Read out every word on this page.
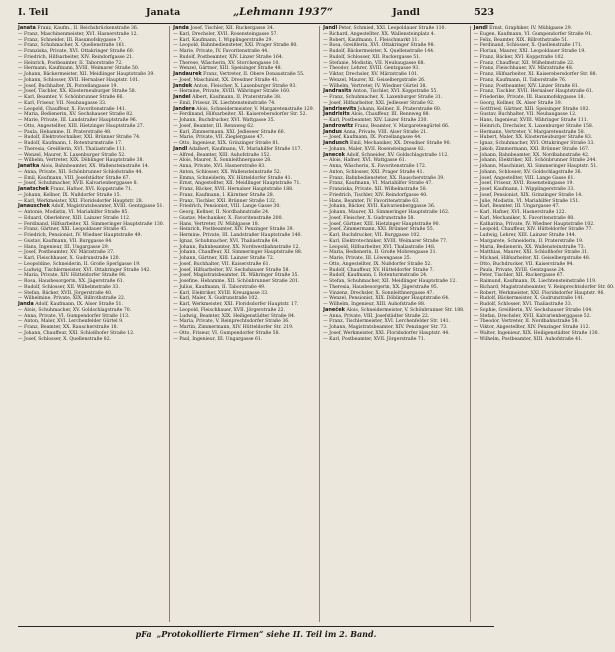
I. Teil	Janata	„Lehmann 1937“	Jandl	523

Janata Franz, Kaufm., II. Reichsbrückenstraße 36.

— Franz, Maschinenmeister, XVI. Hasnerstraße 12.

— Franz, Schneider, III. Rasumofskygasse 7.

— Franz, Schuhmacher, X. Quellenstraße 161.

— Franziska, Private, XVI. Ottakringer Straße 60.

— Friedrich, Hilfsarbeiter, XIV. Reindorfgasse 21.

— Heinrich, Postbeamter, II. Taborstraße 72.

— Hermann, Kaufmann, XVIII. Weimarer Straße 50.

— Johann, Bäckermeister, XII. Meidlinger Hauptstraße 39.

— Johann, Schlosser, XVII. Hernalser Hauptstr. 101.

— Josef, Buchhalter, IX. Porzellangasse 19.

— Josef, Tischler, XX. Klosterneuburger Straße 58.

— Karl, Beamter, V. Schönbrunner Straße 66.

— Karl, Friseur, VII. Neubaugasse 33.

— Leopold, Chauffeur, X. Favoritenstraße 141.

— Maria, Bedienerin, XV. Sechshauser Straße 82.

— Marie, Private, III. Landstraßer Hauptstraße 96.

— Otto, Angestellter, XIII. Hietzinger Hauptstraße 27.

— Paula, Hebamme, II. Praterstraße 48.

— Rudolf, Elektrotechniker, XXI. Brünner Straße 74.

— Rudolf, Kaufmann, I. Rotenturmstraße 17.

— Theresia, Greißlerin, XVI. Thaliastraße 111.

— Wenzel, Maurer, X. Laxenburger Straße 52.

— Wilhelm, Vertreter, XIX. Döblinger Hauptstraße 38.

Janatka Alois, Bahnbeamter, XX. Wallensteinstraße 14.

— Anna, Private, XII. Schönbrunner Schloßstraße 44.

— Emil, Kaufmann, VIII. Josefstädter Straße 67.

— Josef, Schuhmacher, XVII. Kalvarienberggasse 8.

Janatschek Franz, Hafner, XVI. Koppstraße 71.

— Johann, Kellner, IX. Nußdorfer Straße 15.

— Karl, Werkmeister, XXI. Floridsdorfer Hauptstr. 28.

Janauschek Adolf, Magistratsbeamter, XVIII. Gentzgasse 51.

— Antonie, Modistin, VI. Mariahilfer Straße 85.

— Eduard, Oberlehrer, XIII. Lainzer Straße 112.

— Ferdinand, Hilfsarbeiter, XI. Simmeringer Hauptstraße 130.

— Franz, Gärtner, XXI. Leopoldauer Straße 45.

— Friedrich, Pensionist, IV. Wiedner Hauptstraße 49.

— Gustav, Kaufmann, VII. Burggasse 84.

— Hans, Ingenieur, III. Ungargasse 29.

— Josef, Postbeamter, XV. Märzstraße 37.

— Karl, Fleischhauer, X. Gudrunstraße 120.

— Leopoldine, Schneiderin, II. Große Sperlgasse 19.

— Ludwig, Tischlermeister, XVI. Ottakringer Straße 142.

— Maria, Private, XIV. Hütteldorfer Straße 98.

— Rosa, Hausbesorgerin, XX. Jägerstraße 61.

— Rudolf, Schlosser, XII. Wilhelmstraße 33.

— Stefan, Bäcker, XVII. Jörgerstraße 40.

— Wilhelmine, Private, XIX. Billrothstraße 22.

Janda Adolf, Kaufmann, IX. Alser Straße 51.

— Alois, Schuhmacher, XV. Goldschlagstraße 70.

— Anna, Private, VI. Gumpendorfer Straße 113.

— Anton, Maler, XVI. Lerchenfelder Gürtel 9.

— Franz, Beamter, XX. Rauscherstraße 18.

— Johann, Chauffeur, XXI. Schloßhofer Straße 12.

— Josef, Schlosser, X. Quellenstraße 82.

Janda Josef, Tischler, XII. Ruckergasse 34.

— Karl, Drechsler, XVII. Rosensteingasse 57.

— Karl, Kaufmann, I. Wipplingerstraße 29.

— Leopold, Bahnbediensteter, XXI. Prager Straße 80.

— Marie, Private, IV. Favoritenstraße 44.

— Rudolf, Postbeamter, XIV. Linzer Straße 164.

— Therese, Wäscherin, XV. Storchengasse 10.

— Wenzel, Gärtner, XIII. Speisinger Straße 48.

Jandaurek Franz, Vertreter, II. Obere Donaustraße 55.

— Josef, Maschinist, XX. Dresdner Straße 41.

Jandek Anton, Fleischer, X. Laxenburger Straße 93.

— Hermine, Private, XVIII. Währinger Straße 160.

Jandel Albert, Kaufmann, II. Praterstraße 38.

— Emil, Friseur, IX. Liechtensteinstraße 74.

Jandera Alois, Schneidermeister, V. Margaretenstraße 129.

— Ferdinand, Hilfsarbeiter, XI. Kaiserebersdorfer Str. 52.

— Johann, Buchdrucker, XVI. Wattgasse 35.

— Josef, Beamter, III. Rennweg 62.

— Karl, Zimmermann, XXI. Jedleseer Straße 66.

— Marie, Private, VII. Zieglergasse 47.

— Otto, Ingenieur, XIX. Grinzinger Straße 81.

Jandl Adalbert, Kaufmann, VI. Mariahilfer Straße 117.

— Alfred, Beamter, XIII. Auhofstraße 152.

— Alois, Maurer, X. Sonnleithnergasse 28.

— Anna, Private, XVI. Hasnerstraße 83.

— Anton, Schlosser, XX. Wallensteinstraße 52.

— Emma, Schneiderin, XV. Hütteldorfer Straße 41.

— Ernst, Angestellter, XII. Meidlinger Hauptstraße 71.

— Franz, Bäcker, XVII. Hernalser Hauptstraße 188.

— Franz, Kaufmann, I. Kärntner Straße 28.

— Franz, Tischler, XXI. Brünner Straße 132.

— Friedrich, Pensionist, VIII. Lange Gasse 30.

— Georg, Kellner, II. Nordbahnstraße 24.

— Gustav, Mechaniker, X. Favoritenstraße 200.

— Hans, Vertreter, IV. Mühlgasse 18.

— Heinrich, Postbeamter, XIV. Penzinger Straße 39.

— Hermine, Private, III. Landstraßer Hauptstraße 140.

— Ignaz, Schuhmacher, XVI. Thaliastraße 64.

— Johann, Bahnbeamter, XX. Nordwestbahnstraße 12.

— Johann, Chauffeur, XI. Simmeringer Hauptstraße 88.

— Johann, Gärtner, XIII. Lainzer Straße 72.

— Josef, Buchhalter, VII. Kaiserstraße 61.

— Josef, Hilfsarbeiter, XV. Sechshauser Straße 58.

— Josef, Magistratsbeamter, IX. Währinger Straße 35.

— Josefine, Hebamme, XII. Schönbrunner Straße 201.

— Julius, Kaufmann, II. Taborstraße 49.

— Karl, Elektriker, XVIII. Kreuzgasse 33.

— Karl, Maler, X. Gudrunstraße 102.

— Karl, Werkmeister, XXI. Floridsdorfer Hauptstr. 17.

— Leopold, Fleischhauer, XVII. Jörgerstraße 22.

— Ludwig, Beamter, XIX. Heiligenstädter Straße 84.

— Maria, Private, V. Reinprechtsdorfer Straße 36.

— Martin, Zimmermann, XIV. Hütteldorfer Str. 219.

— Otto, Friseur, VI. Gumpendorfer Straße 58.

— Paul, Ingenieur, III. Ungargasse 61.

Jandl Peter, Schmied, XXI. Leopoldauer Straße 110.

— Richard, Angestellter, XX. Wallensteinplatz 4.

— Robert, Kaufmann, I. Fleischmarkt 11.

— Rosa, Greißlerin, XVI. Ottakringer Straße 98.

— Rudolf, Bäckermeister, X. Quellenstraße 144.

— Rudolf, Schlosser, XII. Ruckergasse 51.

— Stefanie, Modistin, VII. Neubaugasse 68.

— Theodor, Lehrer, XVIII. Gentzgasse 93.

— Viktor, Drechsler, XV. Märzstraße 101.

— Wenzel, Maurer, XI. Geiselbergstraße 26.

— Wilhelm, Vertreter, IV. Wiedner Gürtel 38.

Jandrasits Anton, Tischler, XVI. Koppstraße 55.

— Franz, Schuhmacher, X. Laxenburger Straße 31.

— Josef, Hilfsarbeiter, XXI. Jedleseer Straße 92.

Jandrisevits Johann, Kellner, II. Praterstraße 60.

Jandrisits Alois, Chauffeur, III. Rennweg 88.

— Karl, Postbeamter, XIV. Linzer Straße 230.

Jandrowitz Franz, Beamter, V. Margaretengürtel 66.

Jandus Anna, Private, VIII. Alser Straße 21.

— Josef, Kaufmann, IX. Porzellangasse 44.

Jandusch Emil, Mechaniker, XX. Dresdner Straße 90.

— Johann, Maler, XVII. Rosensteingasse 82.

Janecek Adolf, Schneider, XV. Goldschlagstraße 112.

— Alois, Hafner, XVI. Wattgasse 61.

— Anna, Wäscherin, X. Favoritenstraße 172.

— Anton, Schlosser, XXI. Prager Straße 41.

— Franz, Bahnbediensteter, XX. Rauscherstraße 39.

— Franz, Kaufmann, VI. Mariahilfer Straße 47.

— Franziska, Private, XII. Wilhelmstraße 58.

— Friedrich, Tischler, XIV. Reindorfgasse 40.

— Hans, Beamter, IV. Favoritenstraße 63.

— Johann, Bäcker, XVII. Kalvarienberggasse 36.

— Johann, Maurer, XI. Simmeringer Hauptstraße 162.

— Josef, Fleischer, X. Gudrunstraße 58.

— Josef, Gärtner, XIII. Hietzinger Hauptstraße 90.

— Josef, Zimmermann, XXI. Brünner Straße 55.

— Karl, Buchdrucker, VII. Burggasse 102.

— Karl, Elektrotechniker, XVIII. Weimarer Straße 77.

— Leopold, Hilfsarbeiter, XVI. Thaliastraße 148.

— Maria, Bedienerin, II. Große Mohrengasse 31.

— Marie, Private, III. Löwengasse 25.

— Otto, Angestellter, IX. Nußdorfer Straße 52.

— Rudolf, Chauffeur, XV. Hütteldorfer Straße 7.

— Rudolf, Kaufmann, I. Rotenturmstraße 24.

— Stefan, Schuhmacher, XII. Meidlinger Hauptstraße 12.

— Theresia, Hausbesorgerin, XX. Jägerstraße 95.

— Vinzenz, Drechsler, X. Sonnleithnergasse 47.

— Wenzel, Pensionist, XIX. Döblinger Hauptstraße 64.

— Wilhelm, Ingenieur, XIII. Auhofstraße 88.

Janeček Alois, Schneidermeister, V. Schönbrunner Str. 188.

— Anna, Private, VIII. Josefstädter Straße 22.

— Franz, Tischlermeister, XVI. Lerchenfelder Str. 141.

— Johann, Magistratsbeamter, XIV. Penzinger Str. 73.

— Josef, Werkmeister, XXI. Floridsdorfer Hauptstr. 44.

— Karl, Postbeamter, XVII. Jörgerstraße 71.

Jandl Ernst, Graphiker, IV. Mühlgasse 29.

— Eugen, Kaufmann, VI. Gumpendorfer Straße 91.

— Felix, Beamter, XIX. Billrothstraße 51.

— Ferdinand, Schlosser, X. Quellenstraße 171.

— Florian, Maurer, XXI. Leopoldauer Straße 19.

— Franz, Bäcker, XVI. Koppstraße 102.

— Franz, Chauffeur, XII. Wilhelmstraße 22.

— Franz, Fleischhauer, XV. Märzstraße 48.

— Franz, Hilfsarbeiter, XI. Kaiserebersdorfer Str. 88.

— Franz, Kaufmann, II. Taborstraße 76.

— Franz, Postbeamter, XIV. Linzer Straße 81.

— Franz, Tischler, XVII. Hernalser Hauptstraße 61.

— Friederike, Private, III. Rasumofskygasse 18.

— Georg, Kellner, IX. Alser Straße 39.

— Gottfried, Gärtner, XIII. Speisinger Straße 102.

— Gustav, Buchhalter, VII. Neubaugasse 12.

— Hans, Ingenieur, XVIII. Währinger Straße 111.

— Heinrich, Drechsler, X. Laxenburger Straße 158.

— Hermann, Vertreter, V. Margaretenstraße 58.

— Hubert, Maler, XX. Klosterneuburger Straße 83.

— Ignaz, Schuhmacher, XVI. Ottakringer Straße 33.

— Jakob, Zimmermann, XXI. Brünner Straße 167.

— Johann, Bahnbeamter, XX. Nordbahnstraße 42.

— Johann, Elektriker, XII. Schönbrunner Straße 244.

— Johann, Maschinist, XI. Simmeringer Hauptstr. 51.

— Johann, Schlosser, XV. Goldschlagstraße 36.

— Josef, Angestellter, VIII. Lange Gasse 61.

— Josef, Friseur, XVII. Rosensteingasse 19.

— Josef, Kaufmann, I. Wipplingerstraße 33.

— Josef, Pensionist, XIX. Grinzinger Straße 14.

— Julie, Modistin, VI. Mariahilfer Straße 151.

— Karl, Beamter, III. Ungargasse 47.

— Karl, Hafner, XVI. Hasnerstraße 122.

— Karl, Mechaniker, X. Favoritenstraße 88.

— Katharina, Private, IV. Wiedner Hauptstraße 102.

— Leopold, Chauffeur, XIV. Hütteldorfer Straße 77.

— Ludwig, Lehrer, XIII. Lainzer Straße 144.

— Margarete, Schneiderin, II. Praterstraße 19.

— Maria, Bedienerin, XX. Wallensteinstraße 73.

— Matthias, Maurer, XXI. Schloßhofer Straße 31.

— Michael, Hilfsarbeiter, XI. Geiselbergstraße 48.

— Otto, Buchdrucker, VII. Kaiserstraße 94.

— Paula, Private, XVIII. Gentzgasse 24.

— Peter, Tischler, XII. Ruckergasse 67.

— Raimund, Kaufmann, IX. Liechtensteinstraße 119.

— Richard, Magistratsbeamter, V. Reinprechtsdorfer Str. 60.

— Robert, Werkmeister, XXI. Floridsdorfer Hauptstr. 96.

— Rudolf, Bäckermeister, X. Gudrunstraße 141.

— Rudolf, Schlosser, XVI. Thaliastraße 33.

— Sophie, Greißlerin, XV. Sechshauser Straße 104.

— Stefan, Drechsler, XVII. Kalvarienberggasse 52.

— Theodor, Vertreter, II. Nordbahnstraße 58.

— Viktor, Angestellter, XIV. Penzinger Straße 112.

— Walter, Ingenieur, XIX. Heiligenstädter Straße 130.

— Wilhelm, Postbeamter, XIII. Auhofstraße 41.

pFa „Protokollierte Firmen“ siehe II. Teil im 2. Band.
